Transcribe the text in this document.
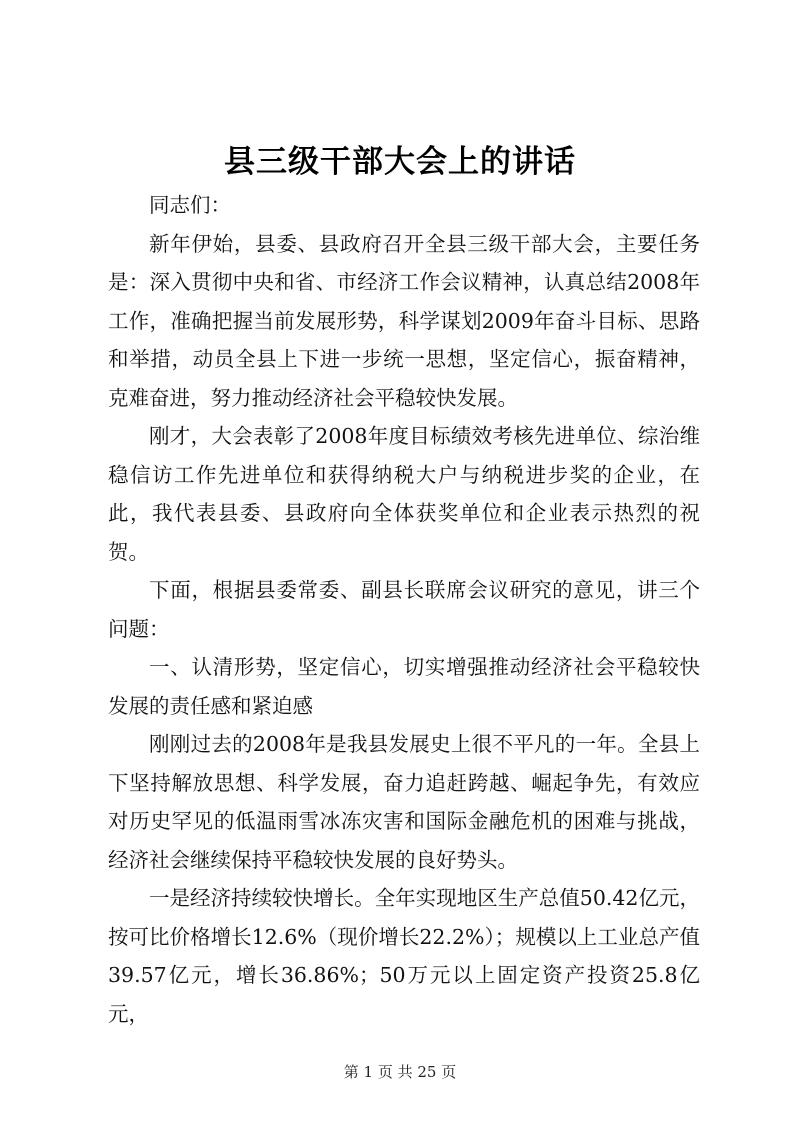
县三级干部大会上的讲话

同志们：

新年伊始，县委、县政府召开全县三级干部大会，主要任务是：深入贯彻中央和省、市经济工作会议精神，认真总结2008年工作，准确把握当前发展形势，科学谋划2009年奋斗目标、思路和举措，动员全县上下进一步统一思想，坚定信心，振奋精神，克难奋进，努力推动经济社会平稳较快发展。

刚才，大会表彰了2008年度目标绩效考核先进单位、综治维稳信访工作先进单位和获得纳税大户与纳税进步奖的企业，在此，我代表县委、县政府向全体获奖单位和企业表示热烈的祝贺。

下面，根据县委常委、副县长联席会议研究的意见，讲三个问题：

一、认清形势，坚定信心，切实增强推动经济社会平稳较快发展的责任感和紧迫感

刚刚过去的2008年是我县发展史上很不平凡的一年。全县上下坚持解放思想、科学发展，奋力追赶跨越、崛起争先，有效应对历史罕见的低温雨雪冰冻灾害和国际金融危机的困难与挑战，经济社会继续保持平稳较快发展的良好势头。

一是经济持续较快增长。全年实现地区生产总值50.42亿元，按可比价格增长12.6%（现价增长22.2%）；规模以上工业总产值39.57亿元，增长36.86%；50万元以上固定资产投资25.8亿元，

第 1 页 共 25 页
